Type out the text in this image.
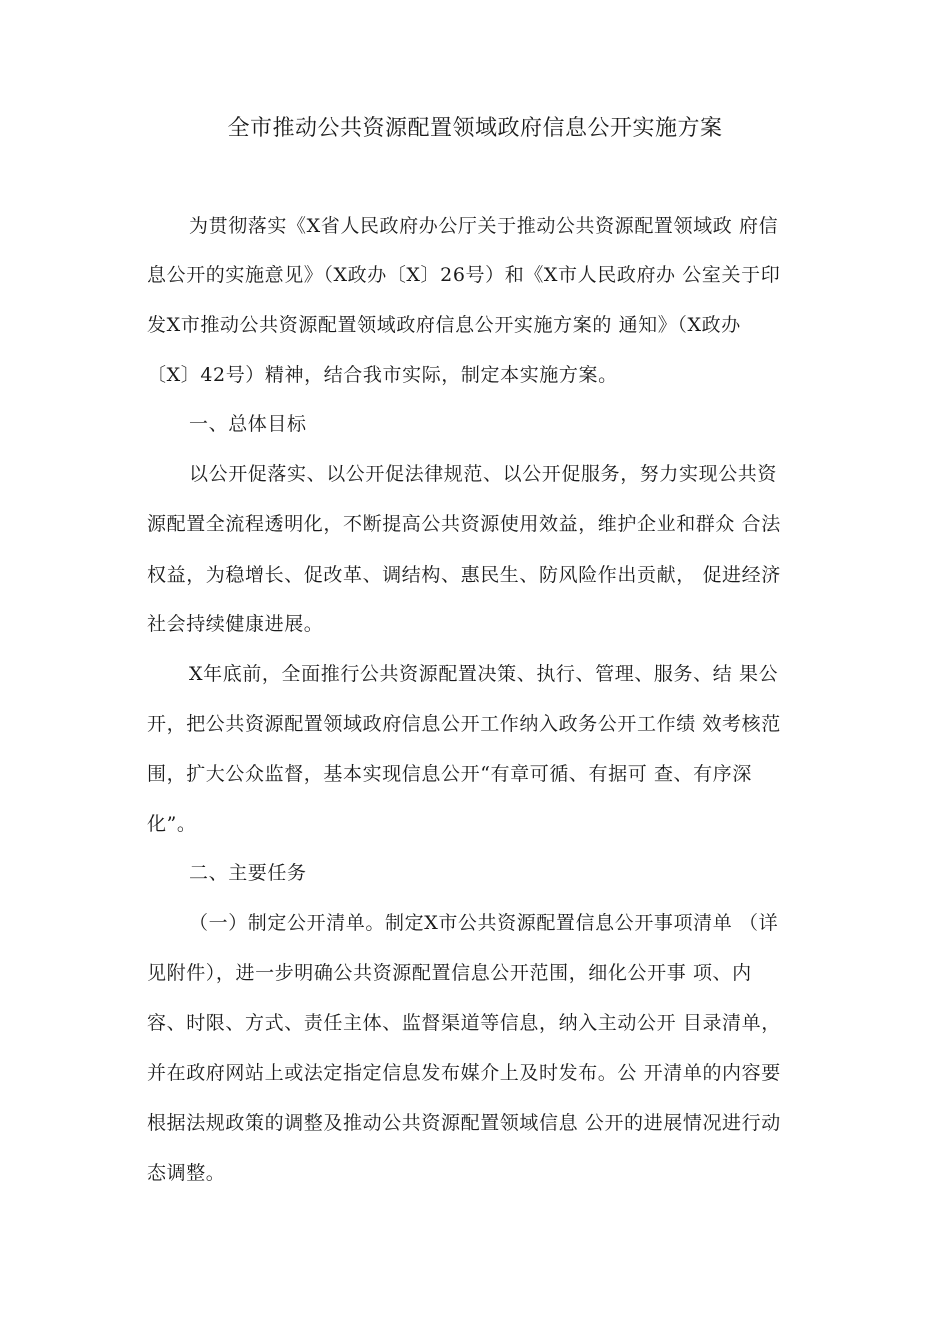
全市推动公共资源配置领域政府信息公开实施方案
为贯彻落实《X省人民政府办公厅关于推动公共资源配置领域政 府信
息公开的实施意见》（X政办〔X〕26号）和《X市人民政府办 公室关于印
发X市推动公共资源配置领域政府信息公开实施方案的 通知》（X政办
〔X〕42号）精神，结合我市实际，制定本实施方案。
一、总体目标
以公开促落实、以公开促法律规范、以公开促服务，努力实现公共资
源配置全流程透明化，不断提高公共资源使用效益，维护企业和群众 合法
权益，为稳增长、促改革、调结构、惠民生、防风险作出贡献， 促进经济
社会持续健康进展。
X年底前，全面推行公共资源配置决策、执行、管理、服务、结 果公
开，把公共资源配置领域政府信息公开工作纳入政务公开工作绩 效考核范
围，扩大公众监督，基本实现信息公开“有章可循、有据可 查、有序深
化”。
二、主要任务
（一）制定公开清单。制定X市公共资源配置信息公开事项清单 （详
见附件），进一步明确公共资源配置信息公开范围，细化公开事 项、内
容、时限、方式、责任主体、监督渠道等信息，纳入主动公开 目录清单，
并在政府网站上或法定指定信息发布媒介上及时发布。公 开清单的内容要
根据法规政策的调整及推动公共资源配置领域信息 公开的进展情况进行动
态调整。
